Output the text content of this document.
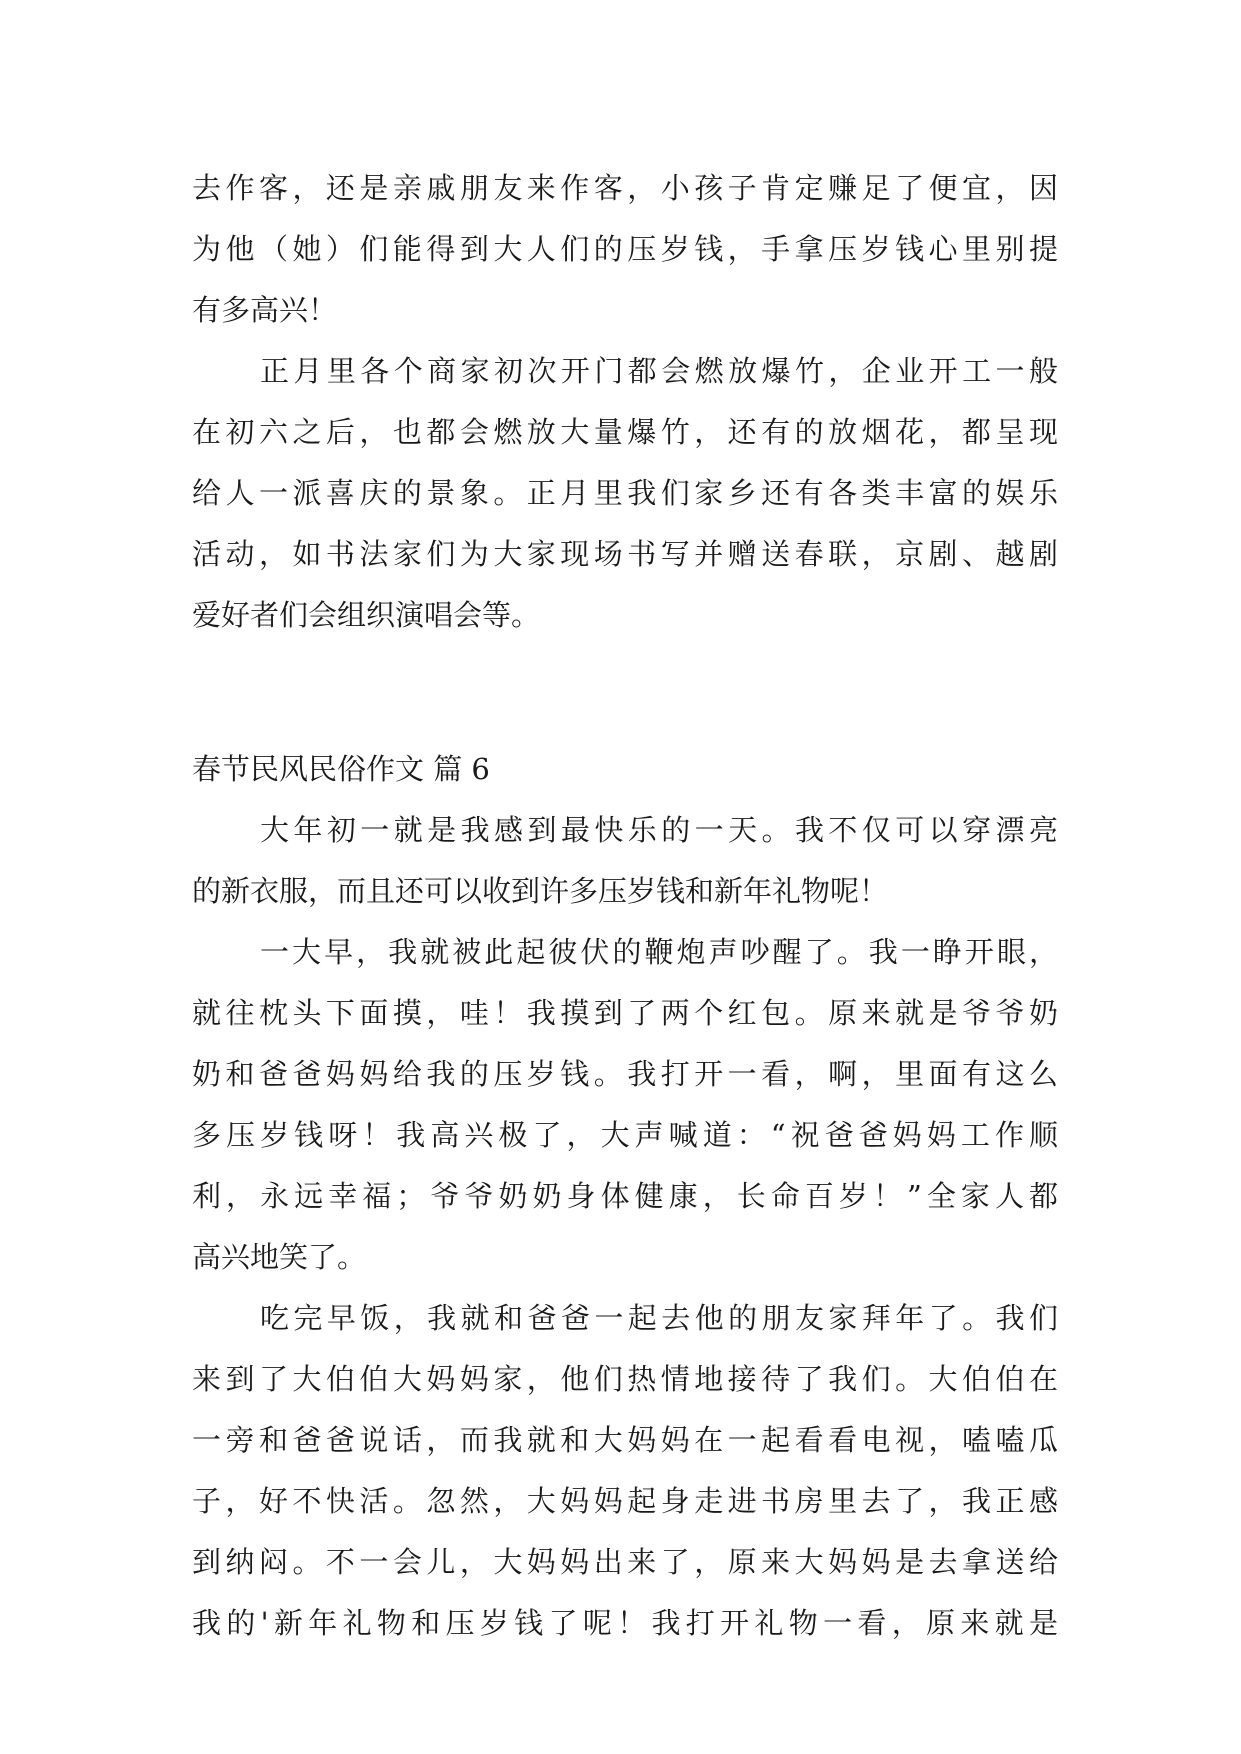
去作客，还是亲戚朋友来作客，小孩子肯定赚足了便宜，因
为他（她）们能得到大人们的压岁钱，手拿压岁钱心里别提
有多高兴！
正月里各个商家初次开门都会燃放爆竹，企业开工一般
在初六之后，也都会燃放大量爆竹，还有的放烟花，都呈现
给人一派喜庆的景象。正月里我们家乡还有各类丰富的娱乐
活动，如书法家们为大家现场书写并赠送春联，京剧、越剧
爱好者们会组织演唱会等。
春节民风民俗作文 篇 6
大年初一就是我感到最快乐的一天。我不仅可以穿漂亮
的新衣服，而且还可以收到许多压岁钱和新年礼物呢！
一大早，我就被此起彼伏的鞭炮声吵醒了。我一睁开眼，
就往枕头下面摸，哇！我摸到了两个红包。原来就是爷爷奶
奶和爸爸妈妈给我的压岁钱。我打开一看，啊，里面有这么
多压岁钱呀！我高兴极了，大声喊道：“祝爸爸妈妈工作顺
利，永远幸福；爷爷奶奶身体健康，长命百岁！”全家人都
高兴地笑了。
吃完早饭，我就和爸爸一起去他的朋友家拜年了。我们
来到了大伯伯大妈妈家，他们热情地接待了我们。大伯伯在
一旁和爸爸说话，而我就和大妈妈在一起看看电视，嗑嗑瓜
子，好不快活。忽然，大妈妈起身走进书房里去了，我正感
到纳闷。不一会儿，大妈妈出来了，原来大妈妈是去拿送给
我的'新年礼物和压岁钱了呢！我打开礼物一看，原来就是
